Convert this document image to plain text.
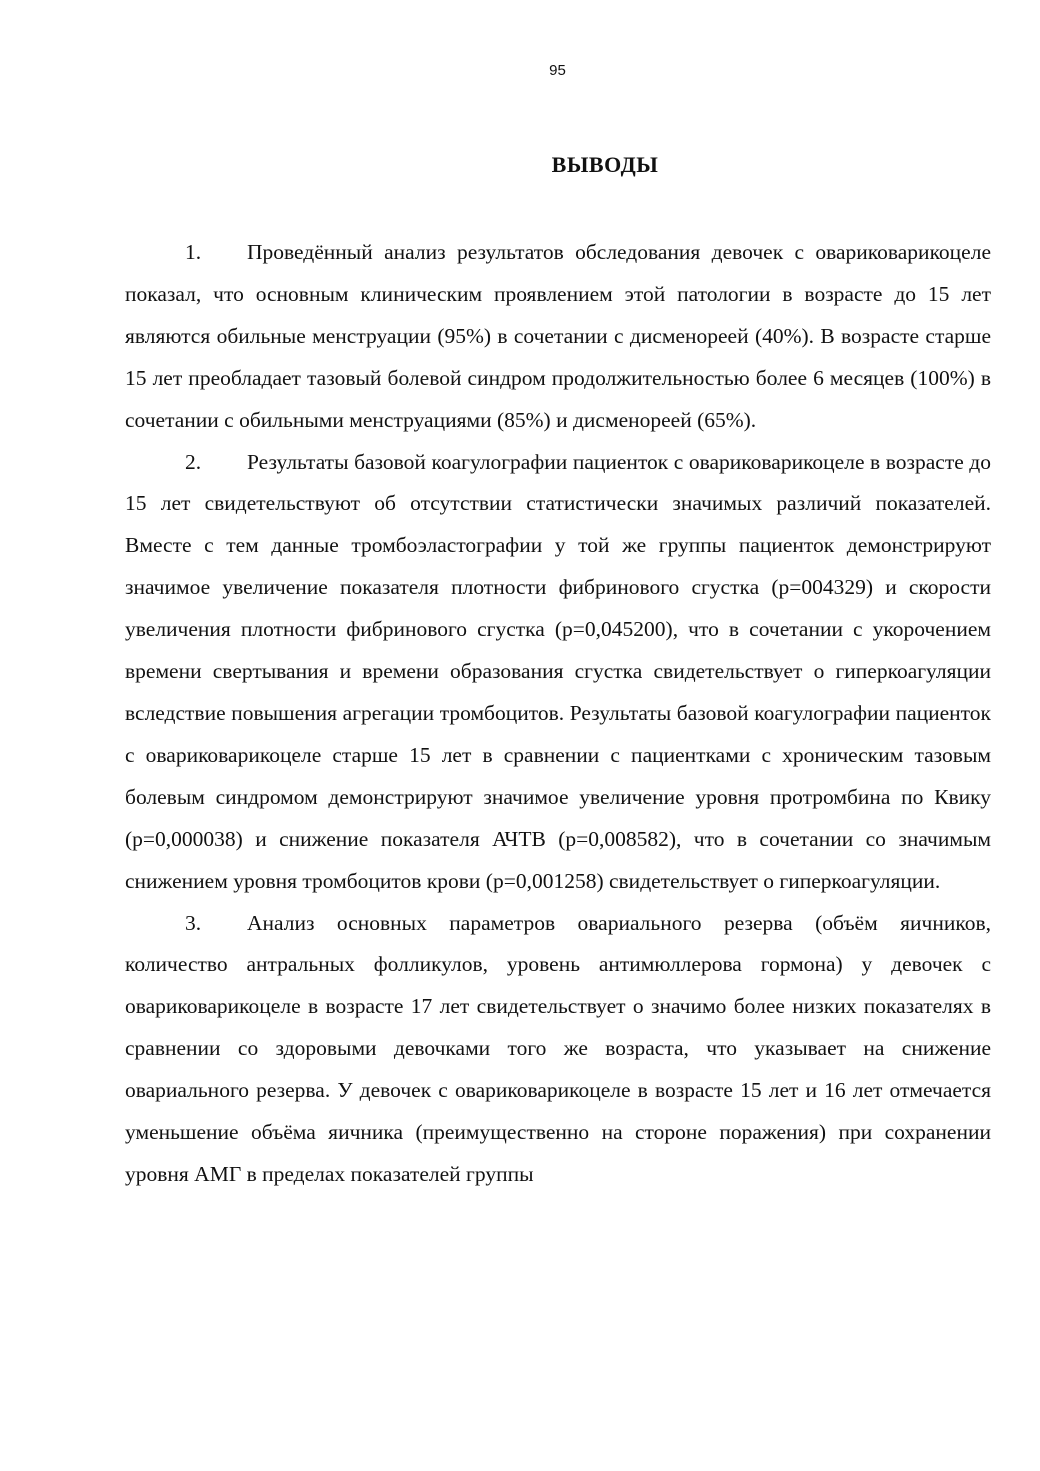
95
ВЫВОДЫ

1. Проведённый анализ результатов обследования девочек с овариковарикоцеле показал, что основным клиническим проявлением этой патологии в возрасте до 15 лет являются обильные менструации (95%) в сочетании с дисменореей (40%). В возрасте старше 15 лет преобладает тазовый болевой синдром продолжительностью более 6 месяцев (100%) в сочетании с обильными менструациями (85%) и дисменореей (65%).

2. Результаты базовой коагулографии пациенток с овариковарикоцеле в возрасте до 15 лет свидетельствуют об отсутствии статистически значимых различий показателей. Вместе с тем данные тромбоэластографии у той же группы пациенток демонстрируют значимое увеличение показателя плотности фибринового сгустка (p=004329) и скорости увеличения плотности фибринового сгустка (p=0,045200), что в сочетании с укорочением времени свертывания и времени образования сгустка свидетельствует о гиперкоагуляции вследствие повышения агрегации тромбоцитов. Результаты базовой коагулографии пациенток с овариковарикоцеле старше 15 лет в сравнении с пациентками с хроническим тазовым болевым синдромом демонстрируют значимое увеличение уровня протромбина по Квику (p=0,000038) и снижение показателя АЧТВ (p=0,008582), что в сочетании со значимым снижением уровня тромбоцитов крови (p=0,001258) свидетельствует о гиперкоагуляции.

3. Анализ основных параметров овариального резерва (объём яичников, количество антральных фолликулов, уровень антимюллерова гормона) у девочек с овариковарикоцеле в возрасте 17 лет свидетельствует о значимо более низких показателях в сравнении со здоровыми девочками того же возраста, что указывает на снижение овариального резерва. У девочек с овариковарикоцеле в возрасте 15 лет и 16 лет отмечается уменьшение объёма яичника (преимущественно на стороне поражения) при сохранении уровня АМГ в пределах показателей группы
